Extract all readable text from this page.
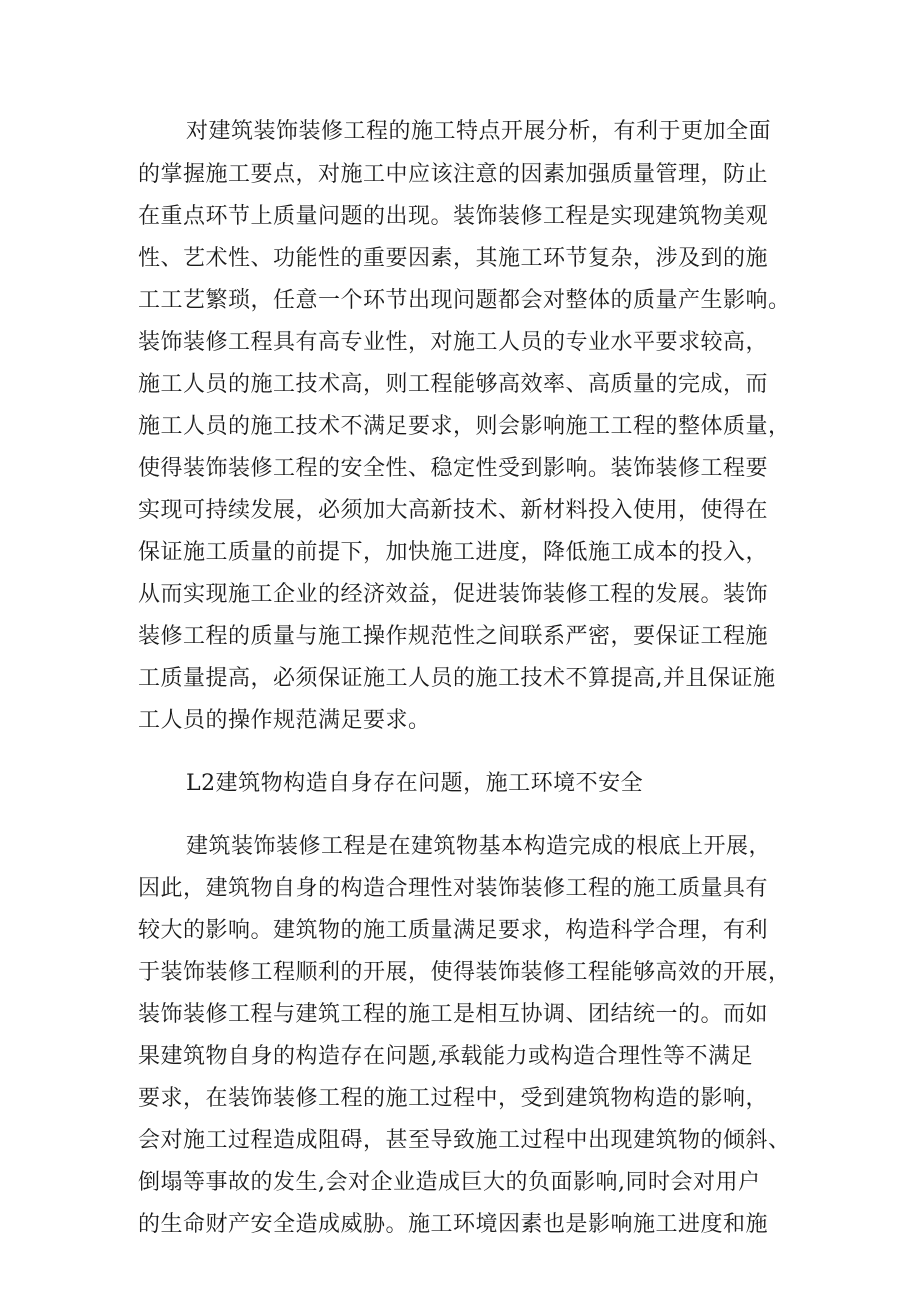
对建筑装饰装修工程的施工特点开展分析，有利于更加全面

的掌握施工要点，对施工中应该注意的因素加强质量管理，防止

在重点环节上质量问题的出现。装饰装修工程是实现建筑物美观

性、艺术性、功能性的重要因素，其施工环节复杂，涉及到的施

工工艺繁琐，任意一个环节出现问题都会对整体的质量产生影响。

装饰装修工程具有高专业性，对施工人员的专业水平要求较高，

施工人员的施工技术高，则工程能够高效率、高质量的完成，而

施工人员的施工技术不满足要求，则会影响施工工程的整体质量，

使得装饰装修工程的安全性、稳定性受到影响。装饰装修工程要

实现可持续发展，必须加大高新技术、新材料投入使用，使得在

保证施工质量的前提下，加快施工进度，降低施工成本的投入，

从而实现施工企业的经济效益，促进装饰装修工程的发展。装饰

装修工程的质量与施工操作规范性之间联系严密，要保证工程施

工质量提高，必须保证施工人员的施工技术不算提高,并且保证施

工人员的操作规范满足要求。

L2建筑物构造自身存在问题，施工环境不安全

建筑装饰装修工程是在建筑物基本构造完成的根底上开展，

因此，建筑物自身的构造合理性对装饰装修工程的施工质量具有

较大的影响。建筑物的施工质量满足要求，构造科学合理，有利

于装饰装修工程顺利的开展，使得装饰装修工程能够高效的开展，

装饰装修工程与建筑工程的施工是相互协调、团结统一的。而如

果建筑物自身的构造存在问题,承载能力或构造合理性等不满足

要求，在装饰装修工程的施工过程中，受到建筑物构造的影响，

会对施工过程造成阻碍，甚至导致施工过程中出现建筑物的倾斜、

倒塌等事故的发生,会对企业造成巨大的负面影响,同时会对用户

的生命财产安全造成威胁。施工环境因素也是影响施工进度和施
